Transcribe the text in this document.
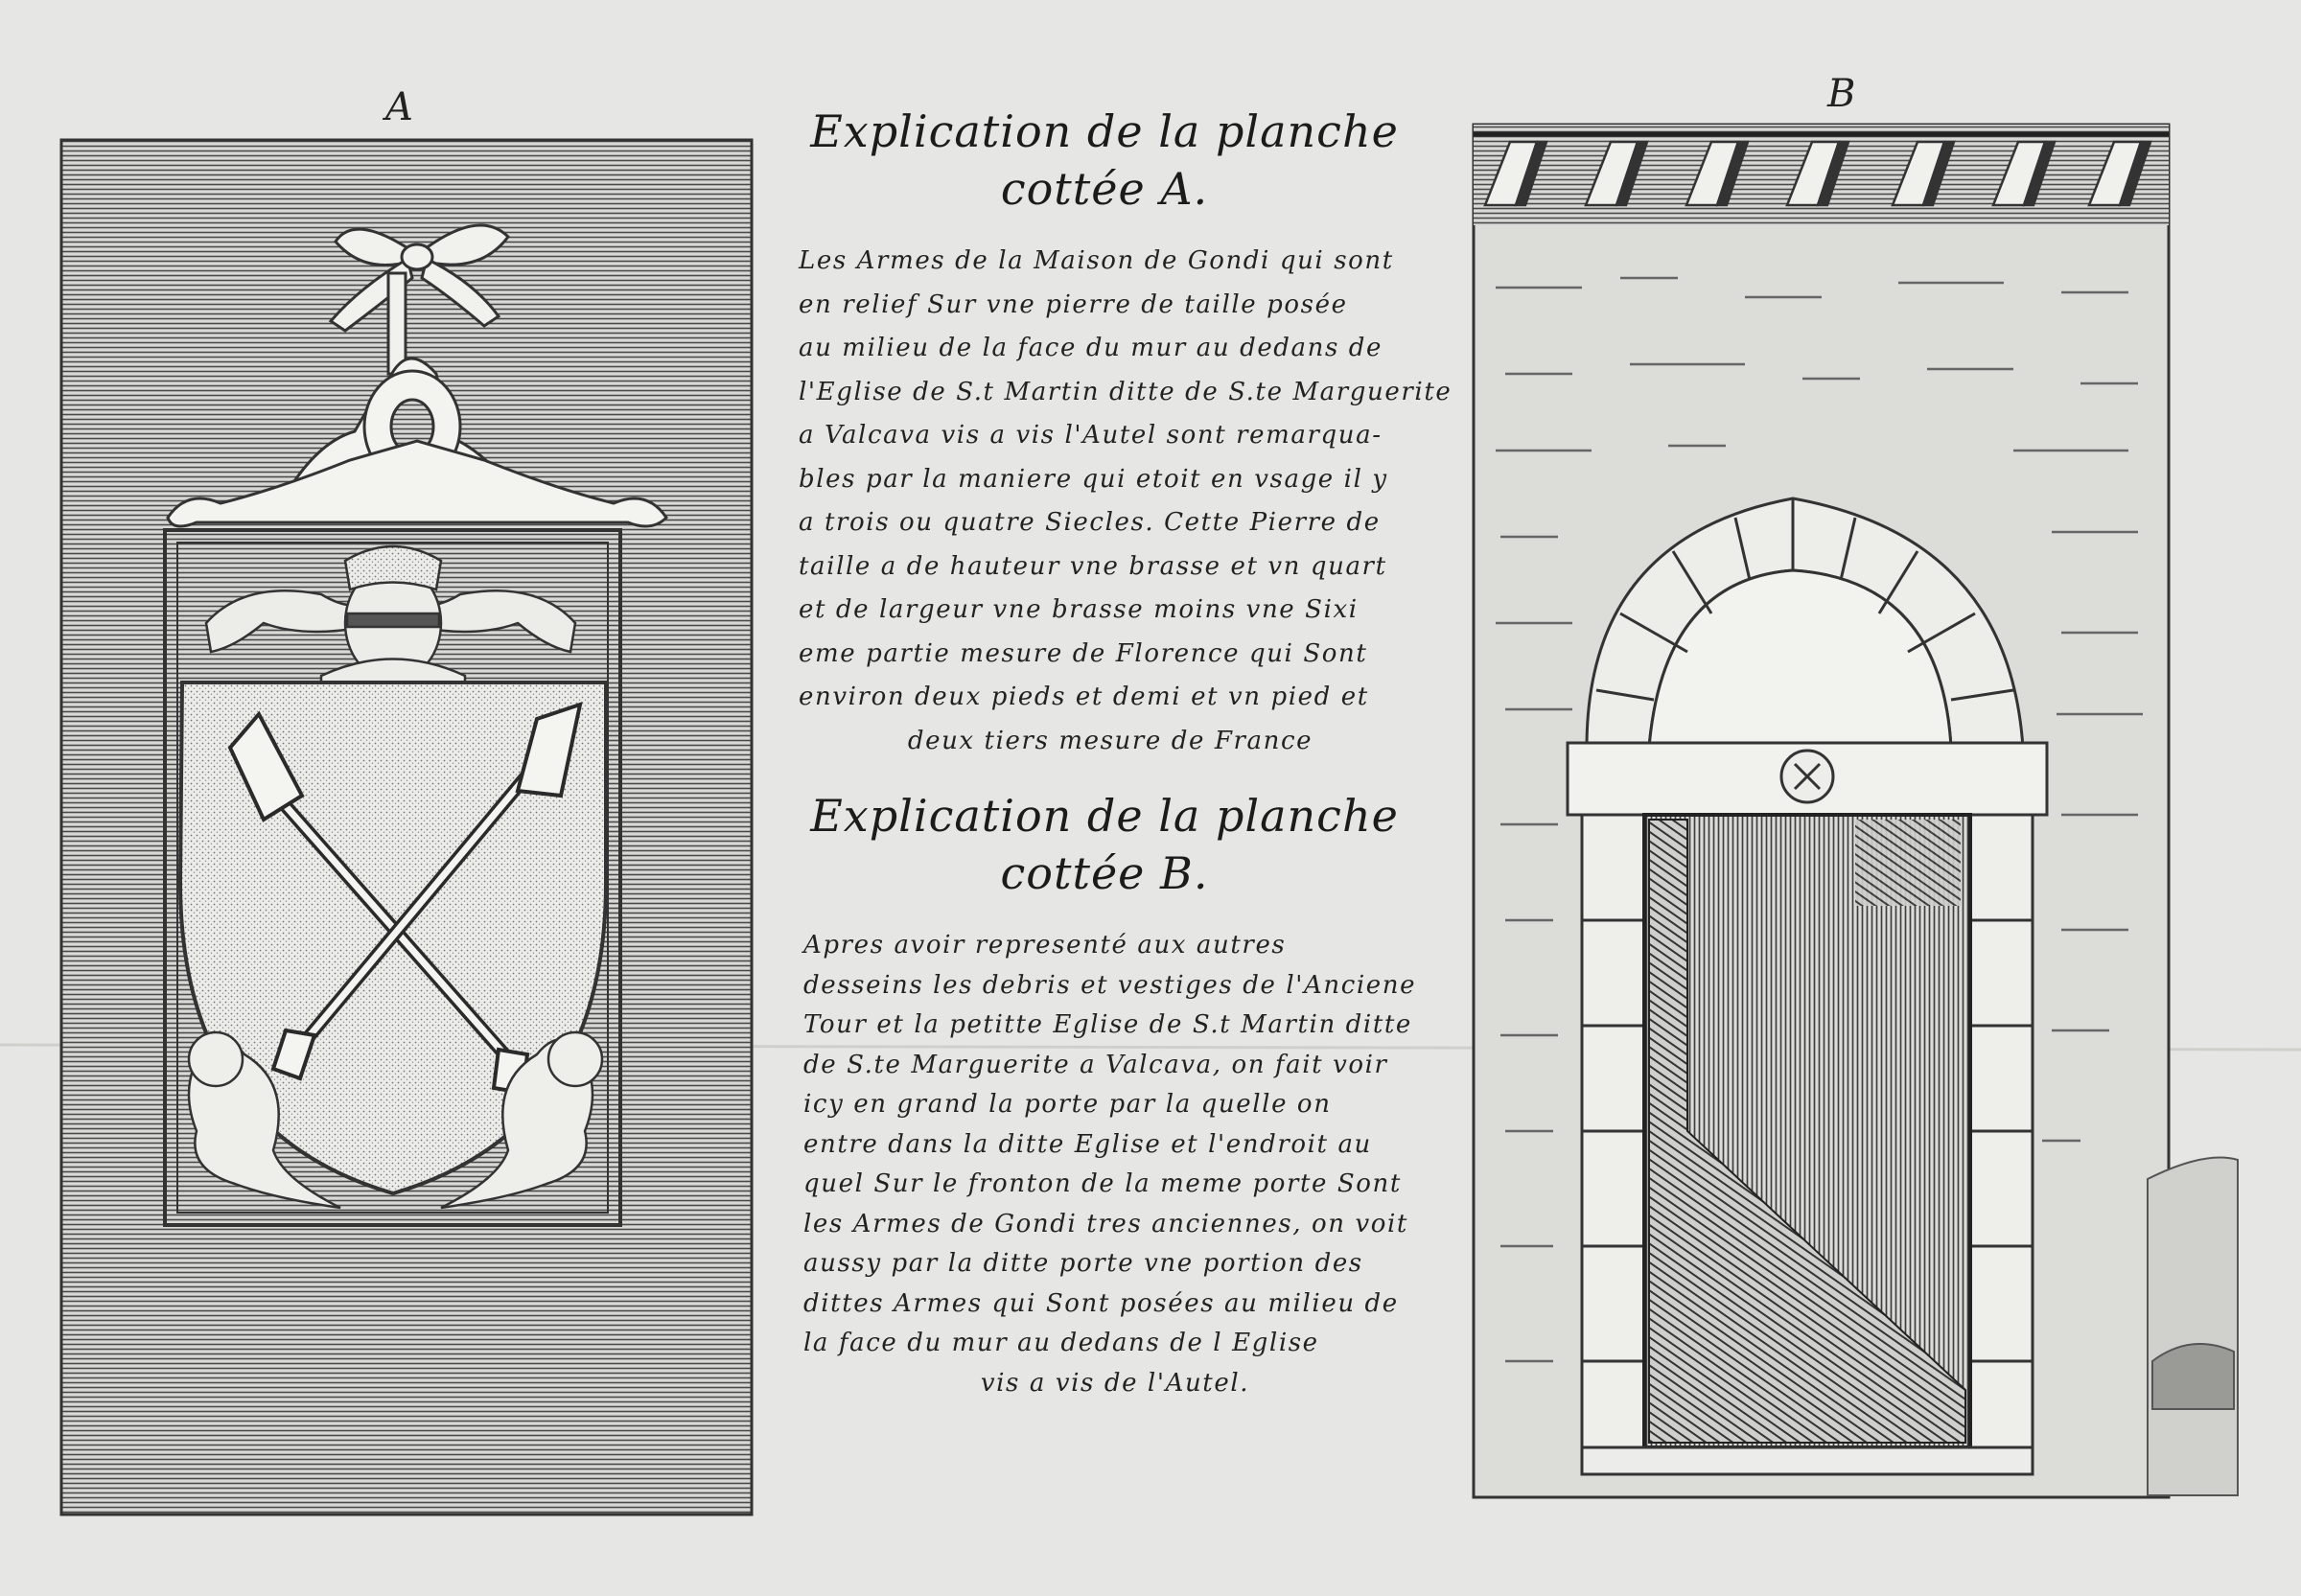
A	B
Explication de la planche
cottée A.
Les Armes de la Maison de Gondi qui sont
en relief Sur vne pierre de taille posée
au milieu de la face du mur au dedans de
l'Eglise de S.t Martin ditte de S.te Marguerite
a Valcava vis a vis l'Autel sont remarqua-
bles par la maniere qui etoit en vsage il y
a trois ou quatre Siecles. Cette Pierre de
taille a de hauteur vne brasse et vn quart
et de largeur vne brasse moins vne Sixi
eme partie mesure de Florence qui Sont
environ deux pieds et demi et vn pied et
deux tiers mesure de France
Explication de la planche
cottée B.
Apres avoir representé aux autres
desseins les debris et vestiges de l'Anciene
Tour et la petitte Eglise de S.t Martin ditte
de S.te Marguerite a Valcava, on fait voir
icy en grand la porte par la quelle on
entre dans la ditte Eglise et l'endroit au
quel Sur le fronton de la meme porte Sont
les Armes de Gondi tres anciennes, on voit
aussy par la ditte porte vne portion des
dittes Armes qui Sont posées au milieu de
la face du mur au dedans de l Eglise
vis a vis de l'Autel.
